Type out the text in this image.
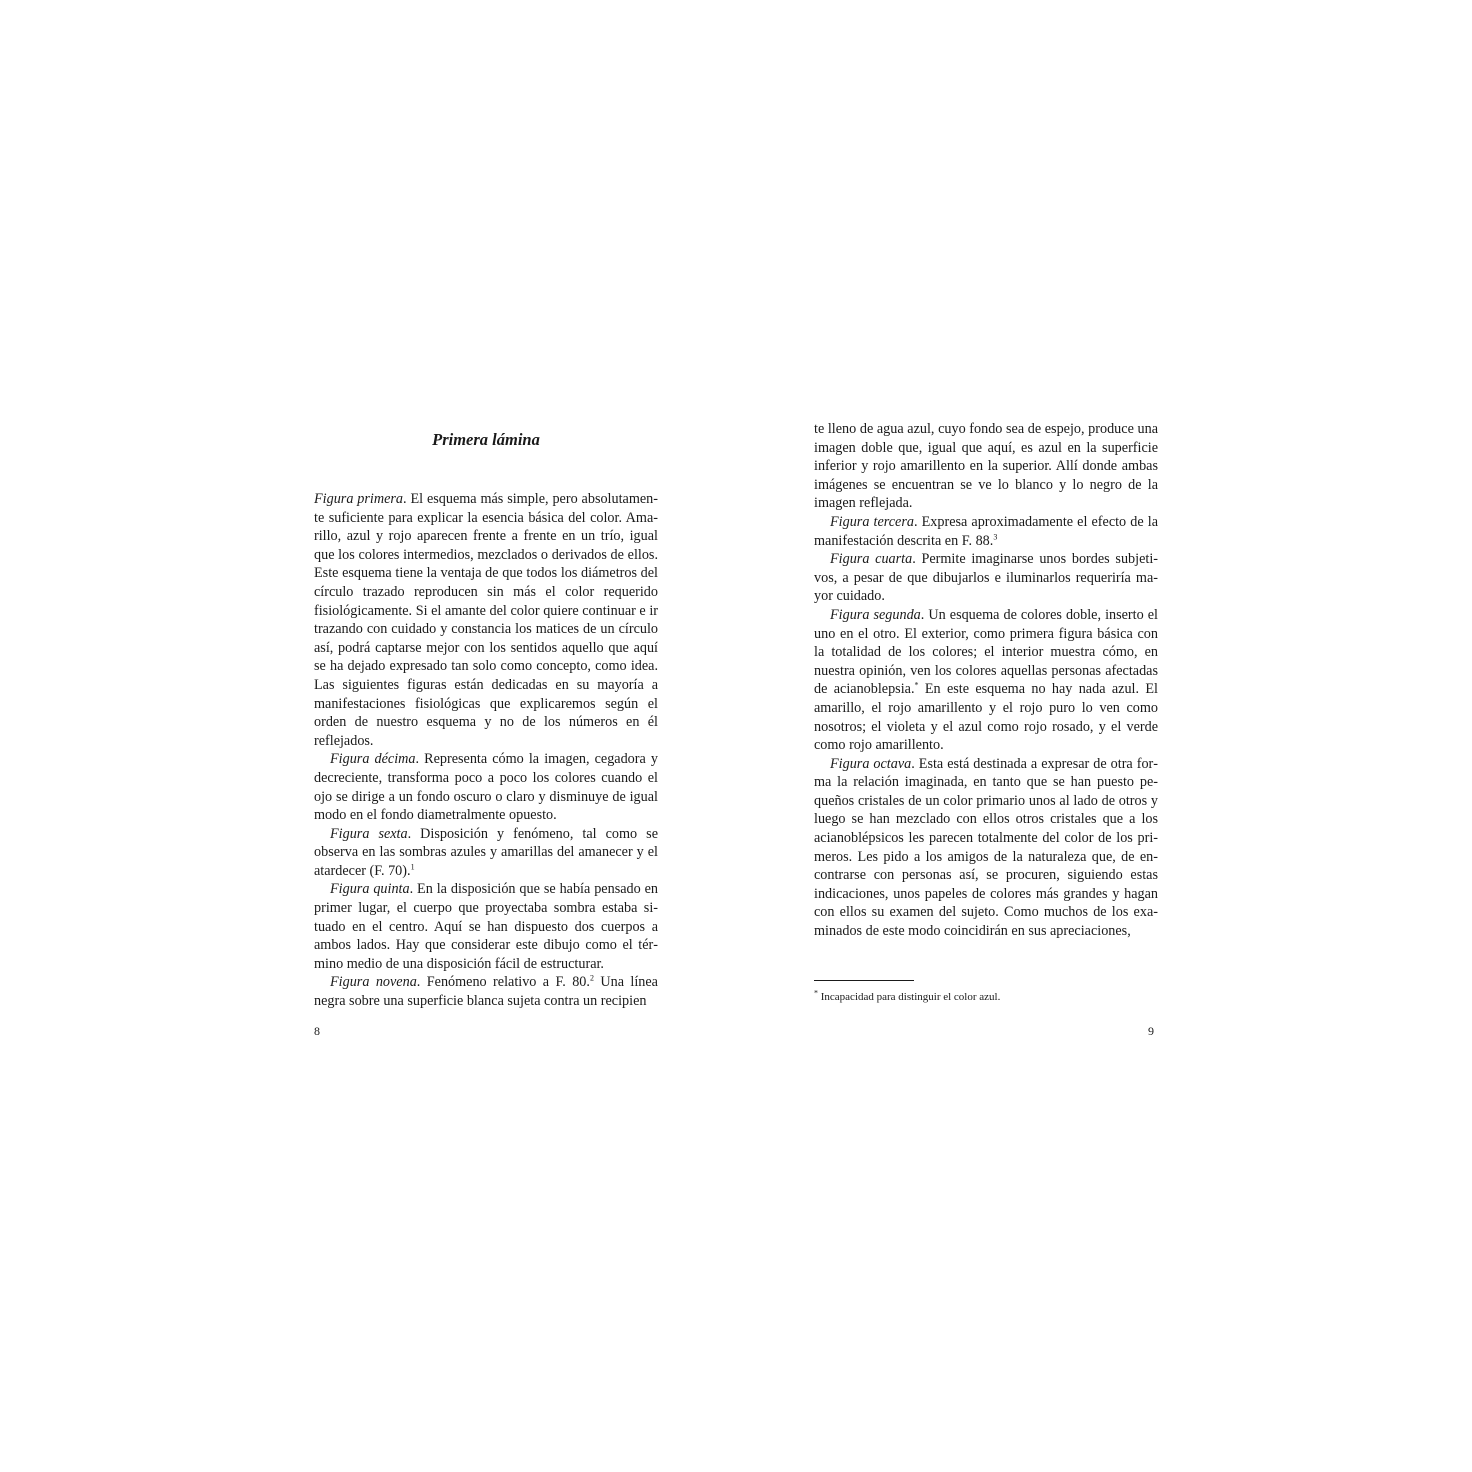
Primera lámina

Figura primera. El esquema más simple, pero absolutamente suficiente para explicar la esencia básica del color. Amarillo, azul y rojo aparecen frente a frente en un trío, igual que los colores intermedios, mezclados o derivados de ellos. Este esquema tiene la ventaja de que todos los diámetros del círculo trazado reproducen sin más el color requerido fisiológicamente. Si el amante del color quiere continuar e ir trazando con cuidado y constancia los matices de un círculo así, podrá captarse mejor con los sentidos aquello que aquí se ha dejado expresado tan solo como concepto, como idea. Las siguientes figuras están dedicadas en su mayoría a manifestaciones fisiológicas que explicaremos según el orden de nuestro esquema y no de los números en él reflejados.

Figura décima. Representa cómo la imagen, cegadora y decreciente, transforma poco a poco los colores cuando el ojo se dirige a un fondo oscuro o claro y disminuye de igual modo en el fondo diametralmente opuesto.

Figura sexta. Disposición y fenómeno, tal como se observa en las sombras azules y amarillas del amanecer y el atardecer (F. 70).$^1$

Figura quinta. En la disposición que se había pensado en primer lugar, el cuerpo que proyectaba sombra estaba situado en el centro. Aquí se han dispuesto dos cuerpos a ambos lados. Hay que considerar este dibujo como el término medio de una disposición fácil de estructurar.

Figura novena. Fenómeno relativo a F. 80.$^2$ Una línea negra sobre una superficie blanca sujeta contra un recipien

8

te lleno de agua azul, cuyo fondo sea de espejo, produce una imagen doble que, igual que aquí, es azul en la superficie inferior y rojo amarillento en la superior. Allí donde ambas imágenes se encuentran se ve lo blanco y lo negro de la imagen reflejada.

Figura tercera. Expresa aproximadamente el efecto de la manifestación descrita en F. 88.$^3$

Figura cuarta. Permite imaginarse unos bordes subjetivos, a pesar de que dibujarlos e iluminarlos requeriría mayor cuidado.

Figura segunda. Un esquema de colores doble, inserto el uno en el otro. El exterior, como primera figura básica con la totalidad de los colores; el interior muestra cómo, en nuestra opinión, ven los colores aquellas personas afectadas de acianoblepsia.* En este esquema no hay nada azul. El amarillo, el rojo amarillento y el rojo puro lo ven como nosotros; el violeta y el azul como rojo rosado, y el verde como rojo amarillento.

Figura octava. Esta está destinada a expresar de otra forma la relación imaginada, en tanto que se han puesto pequeños cristales de un color primario unos al lado de otros y luego se han mezclado con ellos otros cristales que a los acianoblépsicos les parecen totalmente del color de los primeros. Les pido a los amigos de la naturaleza que, de encontrarse con personas así, se procuren, siguiendo estas indicaciones, unos papeles de colores más grandes y hagan con ellos su examen del sujeto. Como muchos de los examinados de este modo coincidirán en sus apreciaciones,

* Incapacidad para distinguir el color azul.

9
